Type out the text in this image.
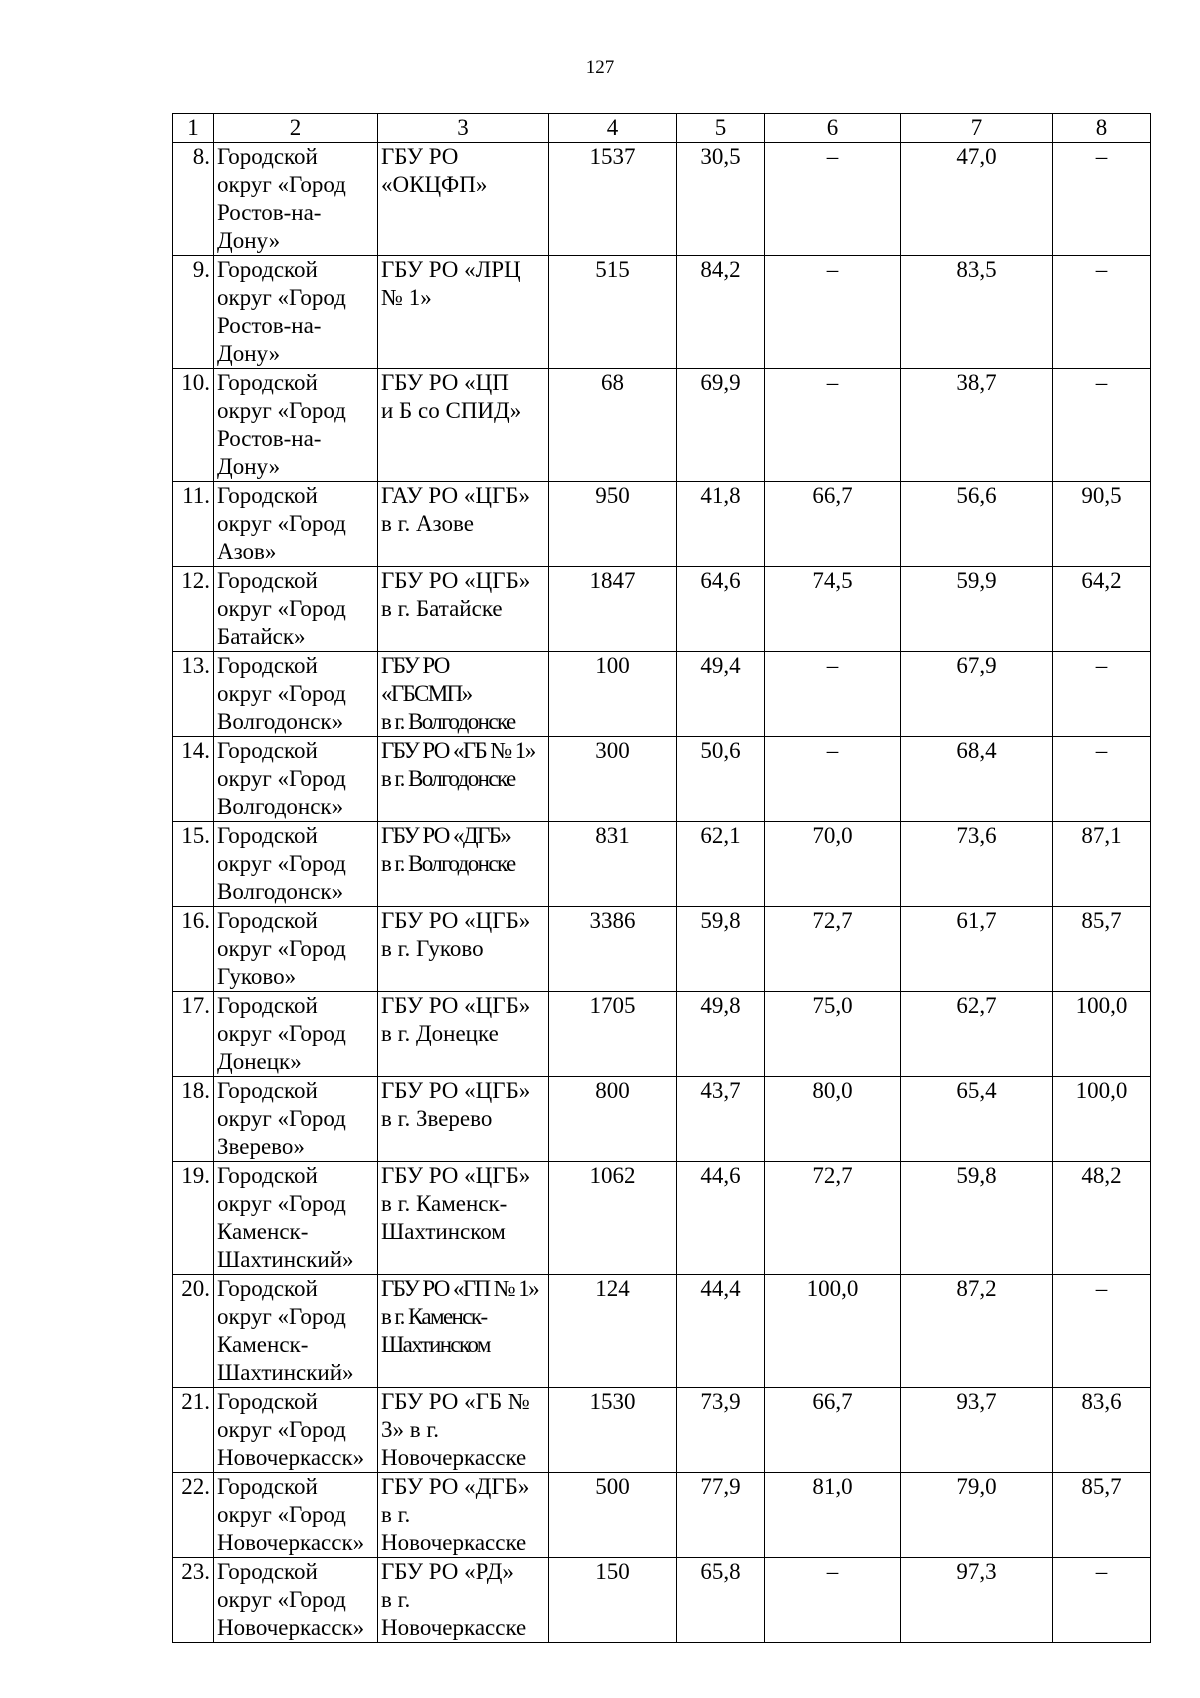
127
1	2	3	4	5	6	7	8
8.	Городской
округ «Город
Ростов-на-
Дону»	ГБУ РО
«ОКЦФП»	1537	30,5	–	47,0	–
9.	Городской
округ «Город
Ростов-на-
Дону»	ГБУ РО «ЛРЦ
№ 1»	515	84,2	–	83,5	–
10.	Городской
округ «Город
Ростов-на-
Дону»	ГБУ РО «ЦП
и Б со СПИД»	68	69,9	–	38,7	–
11.	Городской
округ «Город
Азов»	ГАУ РО «ЦГБ»
в г. Азове	950	41,8	66,7	56,6	90,5
12.	Городской
округ «Город
Батайск»	ГБУ РО «ЦГБ»
в г. Батайске	1847	64,6	74,5	59,9	64,2
13.	Городской
округ «Город
Волгодонск»	ГБУ РО
«ГБСМП»
в г. Волгодонске	100	49,4	–	67,9	–
14.	Городской
округ «Город
Волгодонск»	ГБУ РО «ГБ № 1»
в г. Волгодонске	300	50,6	–	68,4	–
15.	Городской
округ «Город
Волгодонск»	ГБУ РО «ДГБ»
в г. Волгодонске	831	62,1	70,0	73,6	87,1
16.	Городской
округ «Город
Гуково»	ГБУ РО «ЦГБ»
в г. Гуково	3386	59,8	72,7	61,7	85,7
17.	Городской
округ «Город
Донецк»	ГБУ РО «ЦГБ»
в г. Донецке	1705	49,8	75,0	62,7	100,0
18.	Городской
округ «Город
Зверево»	ГБУ РО «ЦГБ»
в г. Зверево	800	43,7	80,0	65,4	100,0
19.	Городской
округ «Город
Каменск-
Шахтинский»	ГБУ РО «ЦГБ»
в г. Каменск-
Шахтинском	1062	44,6	72,7	59,8	48,2
20.	Городской
округ «Город
Каменск-
Шахтинский»	ГБУ РО «ГП № 1»
в г. Каменск-
Шахтинском	124	44,4	100,0	87,2	–
21.	Городской
округ «Город
Новочеркасск»	ГБУ РО «ГБ №
3» в г.
Новочеркасске	1530	73,9	66,7	93,7	83,6
22.	Городской
округ «Город
Новочеркасск»	ГБУ РО «ДГБ»
в г.
Новочеркасске	500	77,9	81,0	79,0	85,7
23.	Городской
округ «Город
Новочеркасск»	ГБУ РО «РД»
в г.
Новочеркасске	150	65,8	–	97,3	–
